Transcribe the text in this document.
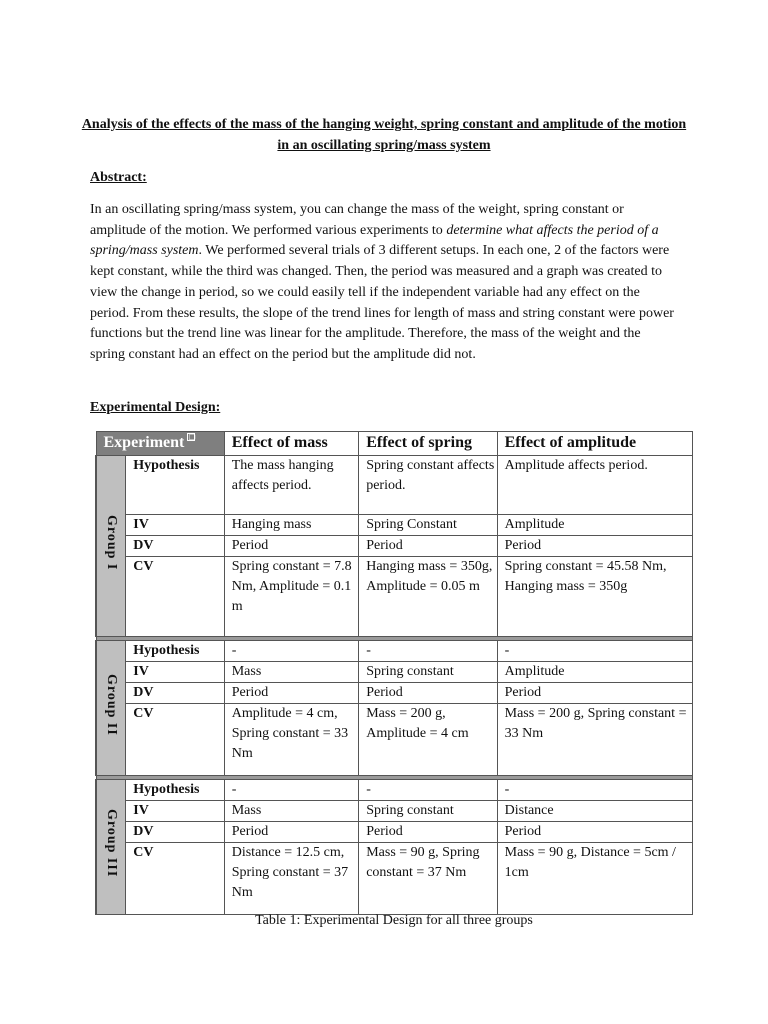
Analysis of the effects of the mass of the hanging weight, spring constant and amplitude of the motion in an oscillating spring/mass system
Abstract:
In an oscillating spring/mass system, you can change the mass of the weight, spring constant or amplitude of the motion. We performed various experiments to determine what affects the period of a spring/mass system. We performed several trials of 3 different setups. In each one, 2 of the factors were kept constant, while the third was changed. Then, the period was measured and a graph was created to view the change in period, so we could easily tell if the independent variable had any effect on the period. From these results, the slope of the trend lines for length of mass and string constant were power functions but the trend line was linear for the amplitude. Therefore, the mass of the weight and the spring constant had an effect on the period but the amplitude did not.
Experimental Design:
Experiment ▢		Effect of mass	Effect of spring	Effect of amplitude
Group I	Hypothesis	The mass hanging affects period.	Spring constant affects period.	Amplitude affects period.
	IV	Hanging mass	Spring Constant	Amplitude
	DV	Period	Period	Period
	CV	Spring constant = 7.8 Nm, Amplitude = 0.1 m	Hanging mass = 350g, Amplitude = 0.05 m	Spring constant = 45.58 Nm, Hanging mass = 350g

Group II	Hypothesis	-	-	-
	IV	Mass	Spring constant	Amplitude
	DV	Period	Period	Period
	CV	Amplitude = 4 cm, Spring constant = 33 Nm	Mass = 200 g, Amplitude = 4 cm	Mass = 200 g, Spring constant = 33 Nm

Group III	Hypothesis	-	-	-
	IV	Mass	Spring constant	Distance
	DV	Period	Period	Period
	CV	Distance = 12.5 cm, Spring constant = 37 Nm	Mass = 90 g, Spring constant = 37 Nm	Mass = 90 g, Distance = 5cm / 1cm
Table 1: Experimental Design for all three groups
